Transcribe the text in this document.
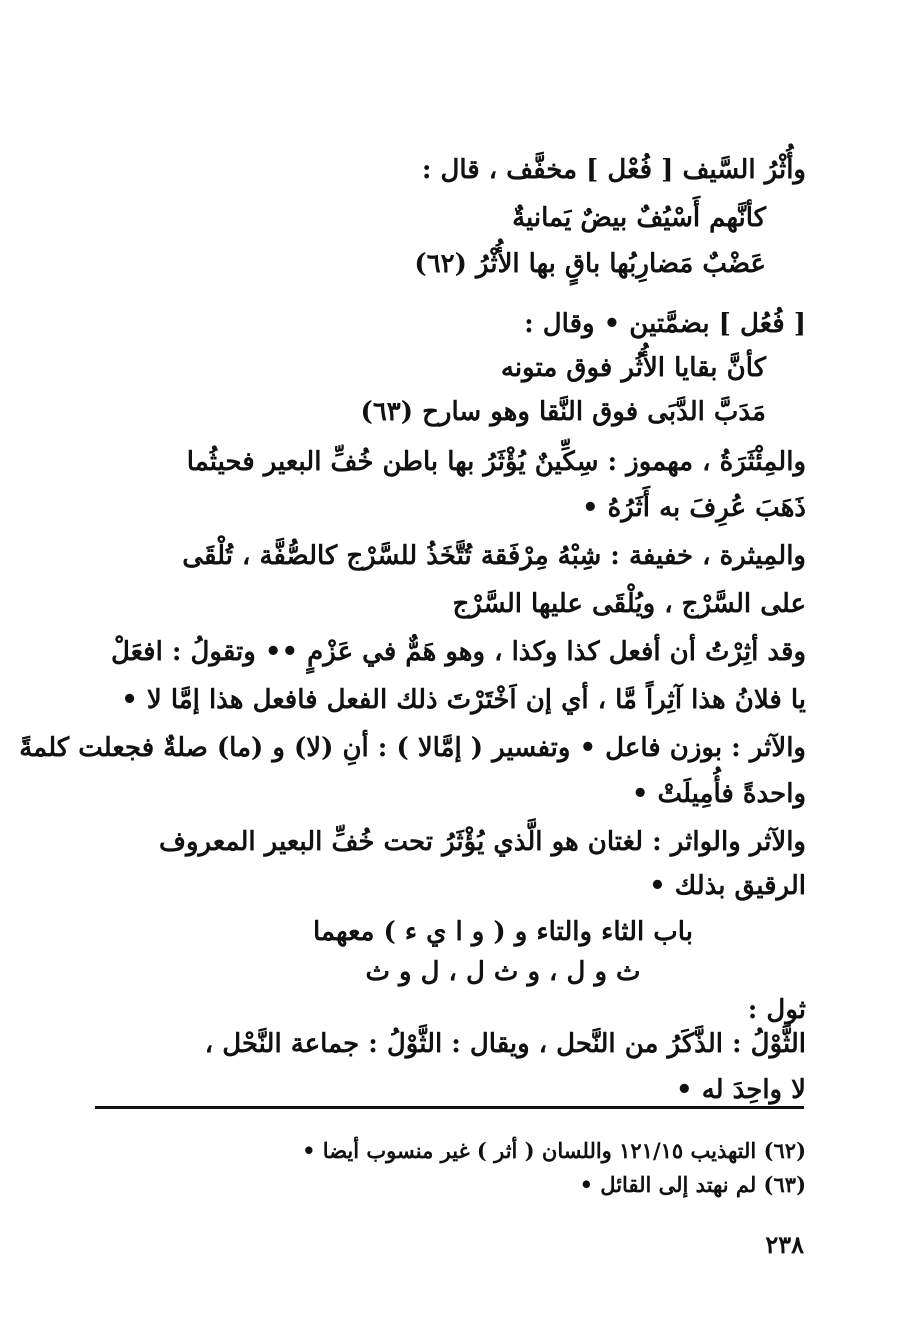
وأُثْرُ السَّيف [ فُعْل ] مخفَّف ، قال :
كأنَّهم أَسْيُفٌ بيضٌ يَمانيةٌ
عَضْبٌ مَضارِبُها باقٍ بها الأُثْرُ (٦٢)
[ فُعُل ] بضمَّتين • وقال :
كأنَّ بقايا الأُثُر فوق متونه
مَدَبَّ الدَّبَى فوق النَّقا وهو سارح (٦٣)
والمِئْثَرَةُ ، مهموز : سِكِّينٌ يُؤْثَرُ بها باطن خُفِّ البعير فحيثُما
ذَهَبَ عُرِفَ به أَثَرُهُ •
والمِيثرة ، خفيفة : شِبْهُ مِرْفَقة تُتَّخَذُ للسَّرْج كالصُّفَّة ، تُلْقَى
على السَّرْج ، ويُلْقَى عليها السَّرْج
وقد أثِرْتُ أن أفعل كذا وكذا ، وهو هَمٌّ في عَزْمٍ •• وتقولُ : افعَلْ
يا فلانُ هذا آثِراً مَّا ، أي إن اَخْتَرْتَ ذلك الفعل فافعل هذا إمَّا لا •
والآثر : بوزن فاعل • وتفسير ( إمَّالا ) : أنِ (لا) و (ما) صلةٌ فجعلت كلمةً
واحدةً فأُمِيلَتْ •
والآثر والواثر : لغتان هو الَّذي يُؤْثَرُ تحت خُفِّ البعير المعروف
الرقيق بذلك •
باب الثاء والتاء و ( و ا ي ء ) معهما
ث و ل ، و ث ل ، ل و ث
ثول :
الثَّوْلُ : الذَّكَرُ من النَّحل ، ويقال : الثَّوْلُ : جماعة النَّحْل ،
لا واحِدَ له •
(٦٢) التهذيب ١٢١/١٥ واللسان ( أثر ) غير منسوب أيضا •
(٦٣) لم نهتد إلى القائل •
٢٣٨
